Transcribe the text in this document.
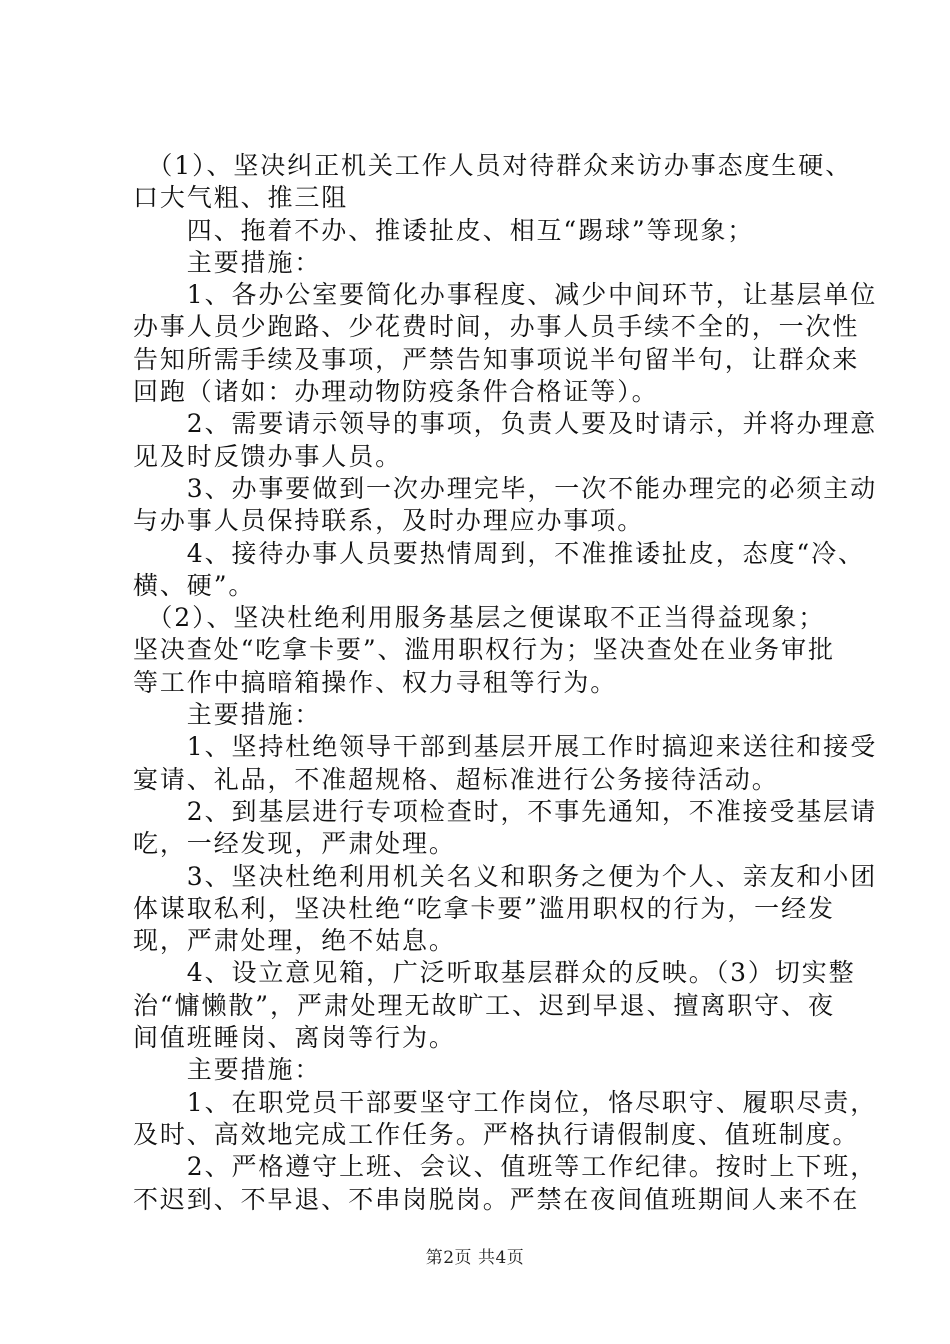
　（1）、坚决纠正机关工作人员对待群众来访办事态度生硬、
口大气粗、推三阻
　　四、拖着不办、推诿扯皮、相互“踢球”等现象；
　　主要措施：
　　1、各办公室要简化办事程度、减少中间环节，让基层单位
办事人员少跑路、少花费时间，办事人员手续不全的，一次性
告知所需手续及事项，严禁告知事项说半句留半句，让群众来
回跑（诸如：办理动物防疫条件合格证等）。
　　2、需要请示领导的事项，负责人要及时请示，并将办理意
见及时反馈办事人员。
　　3、办事要做到一次办理完毕，一次不能办理完的必须主动
与办事人员保持联系，及时办理应办事项。
　　4、接待办事人员要热情周到，不准推诿扯皮，态度“冷、
横、硬”。
　（2）、坚决杜绝利用服务基层之便谋取不正当得益现象；
坚决查处“吃拿卡要”、滥用职权行为；坚决查处在业务审批
等工作中搞暗箱操作、权力寻租等行为。
　　主要措施：
　　1、坚持杜绝领导干部到基层开展工作时搞迎来送往和接受
宴请、礼品，不准超规格、超标准进行公务接待活动。
　　2、到基层进行专项检查时，不事先通知，不准接受基层请
吃，一经发现，严肃处理。
　　3、坚决杜绝利用机关名义和职务之便为个人、亲友和小团
体谋取私利，坚决杜绝“吃拿卡要”滥用职权的行为，一经发
现，严肃处理，绝不姑息。
　　4、设立意见箱，广泛听取基层群众的反映。（3）切实整
治“慵懒散”，严肃处理无故旷工、迟到早退、擅离职守、夜
间值班睡岗、离岗等行为。
　　主要措施：
　　1、在职党员干部要坚守工作岗位，恪尽职守、履职尽责，
及时、高效地完成工作任务。严格执行请假制度、值班制度。
　　2、严格遵守上班、会议、值班等工作纪律。按时上下班，
不迟到、不早退、不串岗脱岗。严禁在夜间值班期间人来不在
第2页 共4页
